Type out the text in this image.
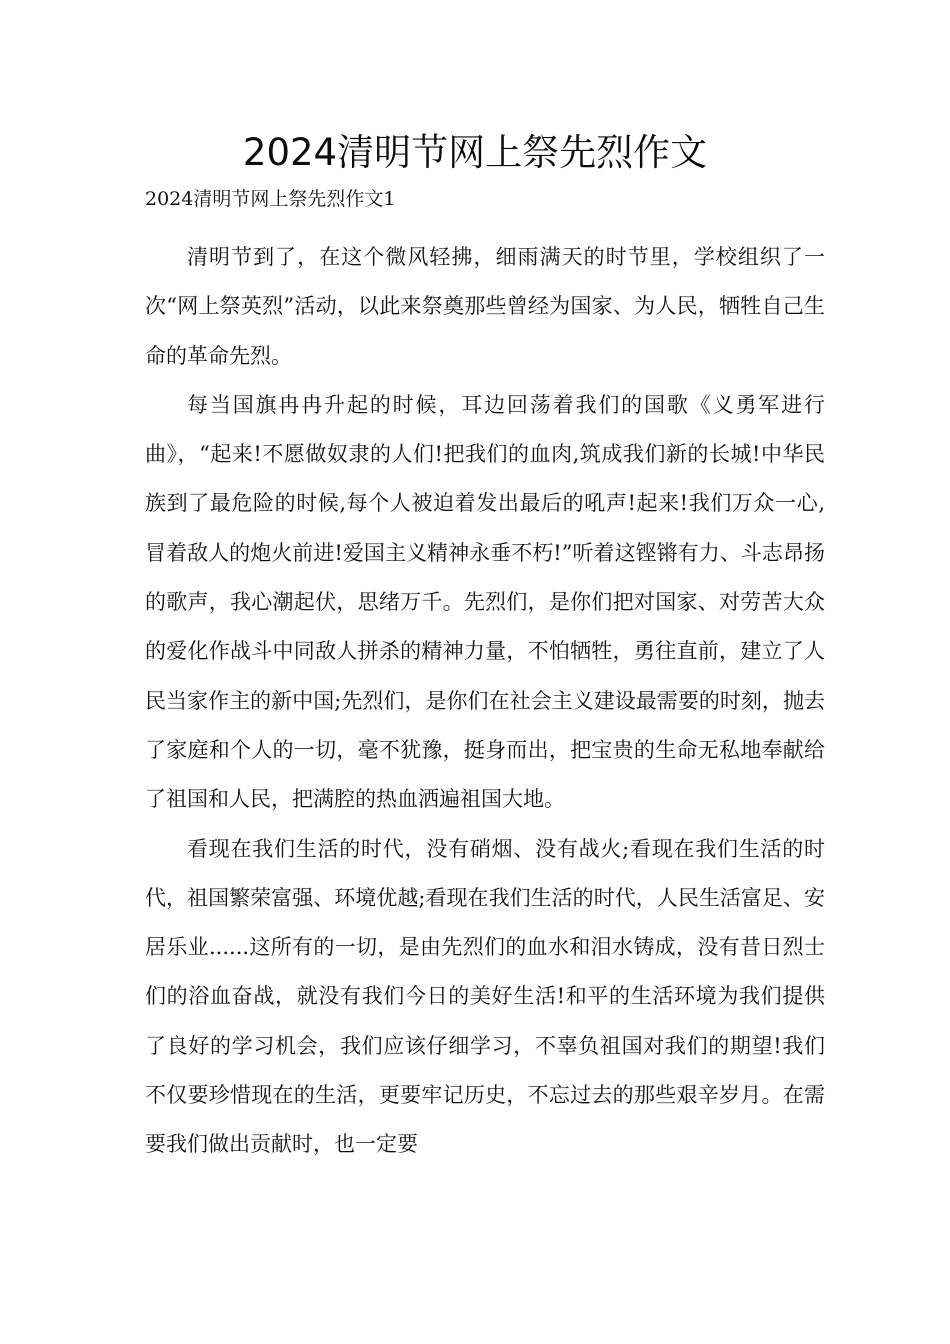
2024清明节网上祭先烈作文
2024清明节网上祭先烈作文1

清明节到了，在这个微风轻拂，细雨满天的时节里，学校组织了一次“网上祭英烈”活动，以此来祭奠那些曾经为国家、为人民，牺牲自己生命的革命先烈。

每当国旗冉冉升起的时候，耳边回荡着我们的国歌《义勇军进行曲》，“起来!不愿做奴隶的人们!把我们的血肉,筑成我们新的长城!中华民族到了最危险的时候,每个人被迫着发出最后的吼声!起来!我们万众一心,冒着敌人的炮火前进!爱国主义精神永垂不朽!”听着这铿锵有力、斗志昂扬的歌声，我心潮起伏，思绪万千。先烈们，是你们把对国家、对劳苦大众的爱化作战斗中同敌人拼杀的精神力量，不怕牺牲，勇往直前，建立了人民当家作主的新中国;先烈们，是你们在社会主义建设最需要的时刻，抛去了家庭和个人的一切，毫不犹豫，挺身而出，把宝贵的生命无私地奉献给了祖国和人民，把满腔的热血洒遍祖国大地。

看现在我们生活的时代，没有硝烟、没有战火;看现在我们生活的时代，祖国繁荣富强、环境优越;看现在我们生活的时代，人民生活富足、安居乐业......这所有的一切，是由先烈们的血水和泪水铸成，没有昔日烈士们的浴血奋战，就没有我们今日的美好生活!和平的生活环境为我们提供了良好的学习机会，我们应该仔细学习，不辜负祖国对我们的期望!我们不仅要珍惜现在的生活，更要牢记历史，不忘过去的那些艰辛岁月。在需要我们做出贡献时，也一定要
